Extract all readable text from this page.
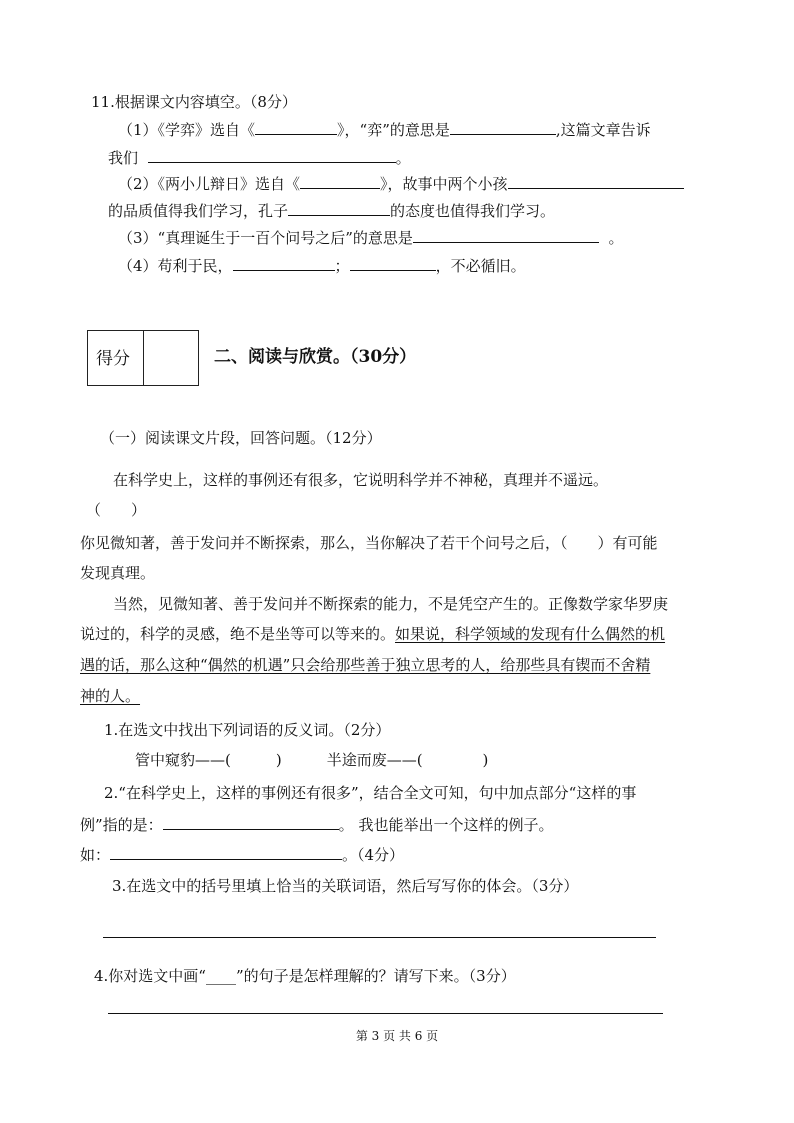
11.根据课文内容填空。（8分）
（1）《学弈》选自《	》，“弈”的意思是	,这篇文章告诉
我们	。
（2）《两小儿辩日》选自《	》，故事中两个小孩
的品质值得我们学习，孔子	的态度也值得我们学习。
（3）“真理诞生于一百个问号之后”的意思是	。
（4）苟利于民，	；	，不必循旧。
得分	二、阅读与欣赏。（30分）
（一）阅读课文片段，回答问题。（12分）
在科学史上，这样的事例还有很多，它说明科学并不神秘，真理并不遥远。
（　　）
你见微知著，善于发问并不断探索，那么，当你解决了若干个问号之后，（　　）有可能
发现真理。
当然，见微知著、善于发问并不断探索的能力，不是凭空产生的。正像数学家华罗庚
说过的，科学的灵感，绝不是坐等可以等来的。如果说，科学领域的发现有什么偶然的机
遇的话，那么这种“偶然的机遇”只会给那些善于独立思考的人，给那些具有锲而不舍精
神的人。
1.在选文中找出下列词语的反义词。（2分）
管中窥豹——(　　　)　　　半途而废——(　　　　)
2.“在科学史上，这样的事例还有很多”，结合全文可知，句中加点部分“这样的事
例”指的是：	。 我也能举出一个这样的例子。
如：	。（4分）
3.在选文中的括号里填上恰当的关联词语，然后写写你的体会。（3分）
4.你对选文中画“____”的句子是怎样理解的？请写下来。（3分）
第 3 页 共 6 页
